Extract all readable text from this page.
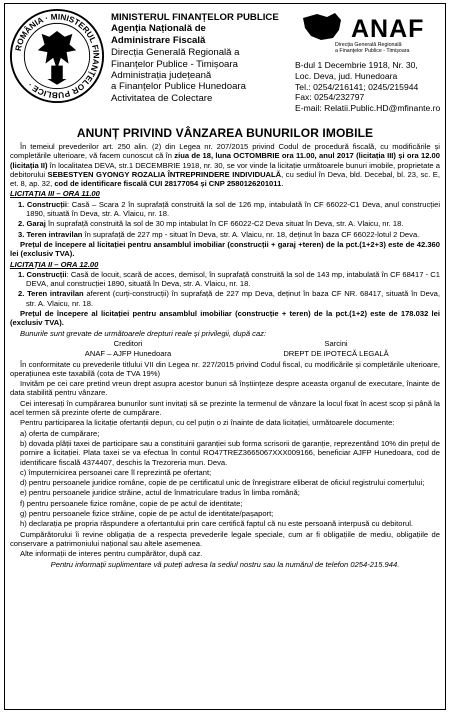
ROMÂNIA · MINISTERUL FINANȚELOR PUBLICE ·
MINISTERUL FINANȚELOR PUBLICE
Agenția Națională de
Administrare Fiscală
Direcția Generală Regională a
Finanțelor Publice - Timișoara
Administrația județeană
a Finanțelor Publice Hunedoara
Activitatea de Colectare
ANAF
Direcția Generală Regională
a Finanțelor Publice - Timișoara
B-dul 1 Decembrie 1918, Nr. 30,
Loc. Deva, jud. Hunedoara
Tel.: 0254/216141; 0245/215944
Fax: 0254/232797
E-mail: Relatii.Public.HD@mfinante.ro
ANUNȚ PRIVIND VÂNZAREA BUNURILOR IMOBILE

În temeiul prevederilor art. 250 alin. (2) din Legea nr. 207/2015 privind Codul de procedură fiscală, cu modificările și completările ulterioare, vă facem cunoscut că în ziua de 18, luna OCTOMBRIE ora 11.00, anul 2017 (licitația III) și ora 12.00 (licitația II) în localitatea DEVA, str.1 DECEMBRIE 1918, nr. 30, se vor vinde la licitație următoarele bunuri imobile, proprietate a debitorului SEBESTYEN GYONGY ROZALIA ÎNTREPRINDERE INDIVIDUALĂ, cu sediul în Deva, bld. Decebal, bl. 23, sc. E, et. 8, ap. 32, cod de identificare fiscală CUI 28177054 și CNP 2580126201011.

LICITAȚIA III – ORA 11.00

1. Construcții: Casă – Scara 2 în suprafață construită la sol de 126 mp, intabulată în CF 66022-C1 Deva, anul construcției 1890, situată în Deva, str. A. Vlaicu, nr. 18.

2. Garaj în suprafață construită la sol de 30 mp intabulat în CF 66022-C2 Deva situat în Deva, str. A. Vlaicu, nr. 18.

3. Teren intravilan în suprafață de 227 mp - situat în Deva, str. A. Vlaicu, nr. 18, deținut în baza CF 66022-lotul 2 Deva.

Prețul de începere al licitației pentru ansamblul imobiliar (construcții + garaj +teren) de la pct.(1+2+3) este de 42.360 lei (exclusiv TVA).

LICITAȚIA II – ORA 12.00

1. Construcții: Casă de locuit, scară de acces, demisol, în suprafață construită la sol de 143 mp, intabulată în CF 68417 - C1 DEVA, anul construcției 1890, situată în Deva, str. A. Vlaicu, nr. 18.

2. Teren intravilan aferent (curți-construcții) în suprafață de 227 mp Deva, deținut în baza CF NR. 68417, situată în Deva, str. A. Vlaicu, nr. 18.

Prețul de începere al licitației pentru ansamblul imobiliar (construcție + teren) de la pct.(1+2) este de 178.032 lei (exclusiv TVA).

Bunurile sunt grevate de următoarele drepturi reale și privilegii, după caz:

Creditori	Sarcini
ANAF – AJFP Hunedoara	DREPT DE IPOTECĂ LEGALĂ

În conformitate cu prevederile titlului VII din Legea nr. 227/2015 privind Codul fiscal, cu modificările și completările ulterioare, operațiunea este taxabilă (cota de TVA 19%)

Invităm pe cei care pretind vreun drept asupra acestor bunuri să înștiințeze despre aceasta organul de executare, înainte de data stabilită pentru vânzare.

Cei interesați în cumpărarea bunurilor sunt invitați să se prezinte la termenul de vânzare la locul fixat în acest scop și până la acel termen să prezinte oferte de cumpărare.

Pentru participarea la licitație ofertanții depun, cu cel puțin o zi înainte de data licitației, următoarele documente:

a) oferta de cumpărare;

b) dovada plății taxei de participare sau a constituirii garanției sub forma scrisorii de garanție, reprezentând 10% din prețul de pornire a licitației. Plata taxei se va efectua în contul RO47TREZ3665067XXX009166, beneficiar AJFP Hunedoara, cod de identificare fiscală 4374407, deschis la Trezoreria mun. Deva.

c) împuternicirea persoanei care îl reprezintă pe ofertant;

d) pentru persoanele juridice române, copie de pe certificatul unic de înregistrare eliberat de oficiul registrului comerțului;

e) pentru persoanele juridice străine, actul de înmatriculare tradus în limba română;

f) pentru persoanele fizice române, copie de pe actul de identitate;

g) pentru persoanele fizice străine, copie de pe actul de identitate/pașaport;

h) declarația pe propria răspundere a ofertantului prin care certifică faptul că nu este persoană interpusă cu debitorul.

Cumpărătorului îi revine obligația de a respecta prevederile legale speciale, cum ar fi obligațiile de mediu, obligațiile de conservare a patrimoniului național sau altele asemenea.

Alte informații de interes pentru cumpărător, după caz.

Pentru informații suplimentare vă puteți adresa la sediul nostru sau la numărul de telefon 0254-215.944.
